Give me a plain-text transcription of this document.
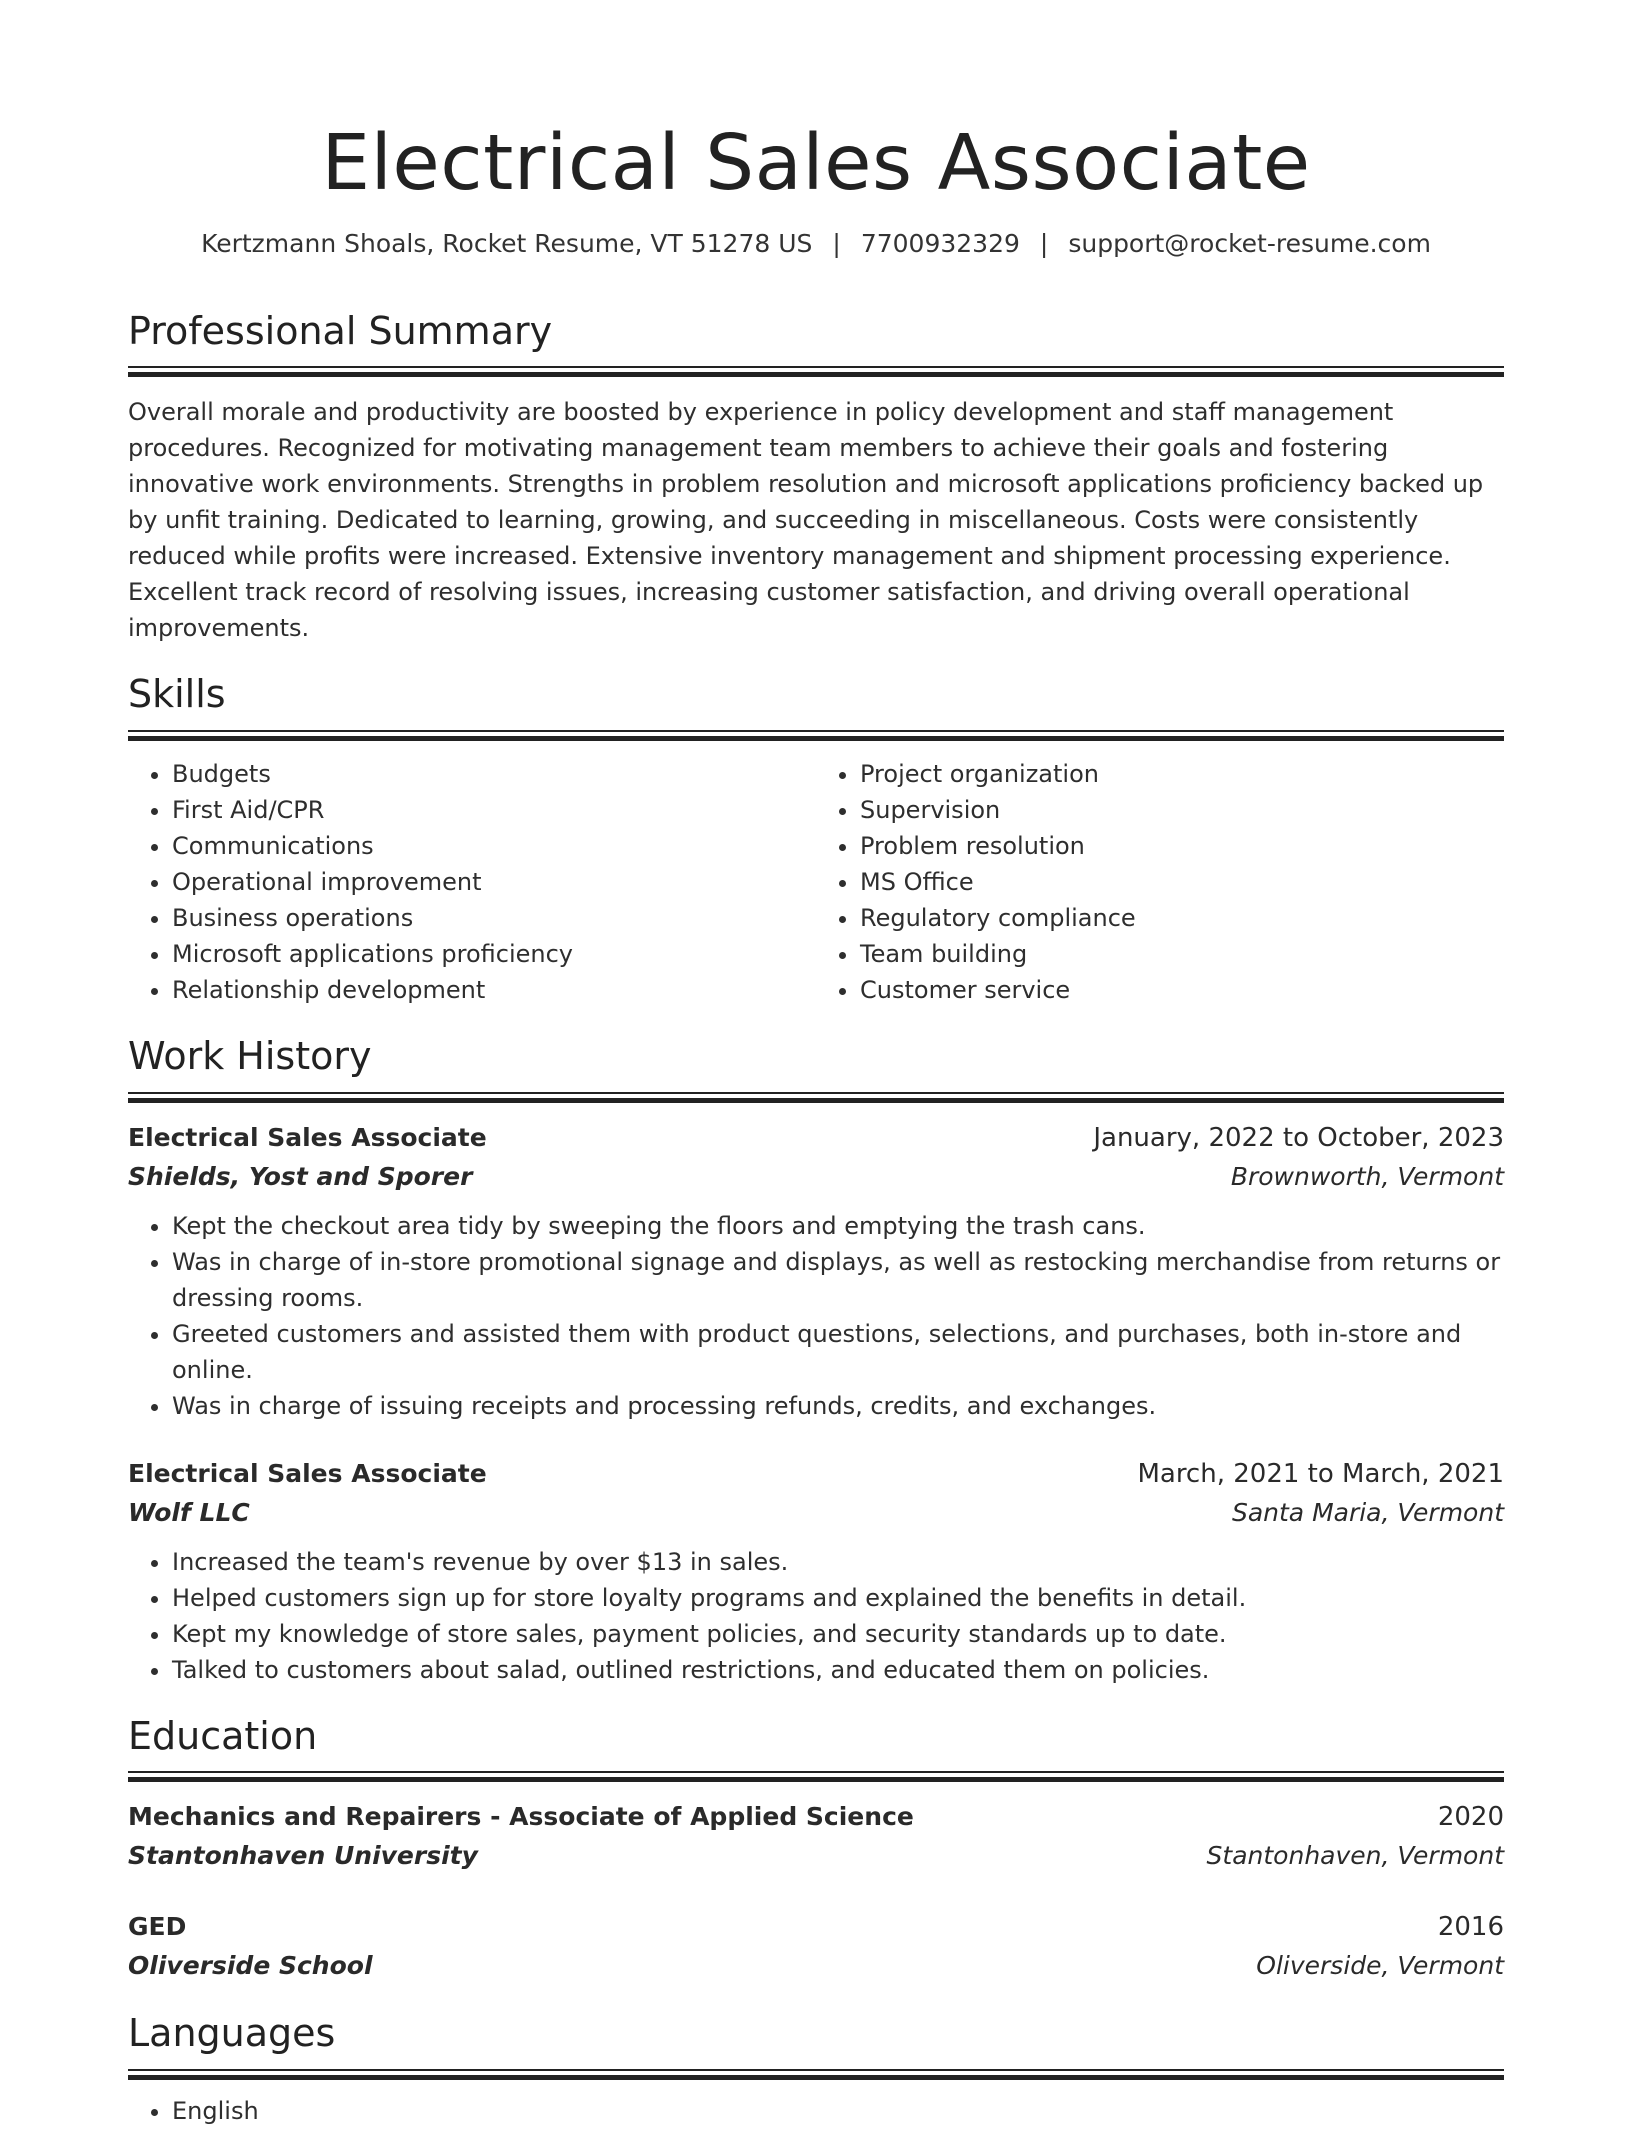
Electrical Sales Associate
Kertzmann Shoals, Rocket Resume, VT 51278 US | 7700932329 | support@rocket-resume.com
Professional Summary

Overall morale and productivity are boosted by experience in policy development and staff management procedures. Recognized for motivating management team members to achieve their goals and fostering innovative work environments. Strengths in problem resolution and microsoft applications proficiency backed up by unfit training. Dedicated to learning, growing, and succeeding in miscellaneous. Costs were consistently reduced while profits were increased. Extensive inventory management and shipment processing experience. Excellent track record of resolving issues, increasing customer satisfaction, and driving overall operational improvements.

Skills
• Budgets
• First Aid/CPR
• Communications
• Operational improvement
• Business operations
• Microsoft applications proficiency
• Relationship development
• Project organization
• Supervision
• Problem resolution
• MS Office
• Regulatory compliance
• Team building
• Customer service
Work History
Electrical Sales Associate	January, 2022 to October, 2023
Shields, Yost and Sporer	Brownworth, Vermont
• Kept the checkout area tidy by sweeping the floors and emptying the trash cans.
• Was in charge of in-store promotional signage and displays, as well as restocking merchandise from returns or dressing rooms.
• Greeted customers and assisted them with product questions, selections, and purchases, both in-store and online.
• Was in charge of issuing receipts and processing refunds, credits, and exchanges.
Electrical Sales Associate	March, 2021 to March, 2021
Wolf LLC	Santa Maria, Vermont
• Increased the team's revenue by over $13 in sales.
• Helped customers sign up for store loyalty programs and explained the benefits in detail.
• Kept my knowledge of store sales, payment policies, and security standards up to date.
• Talked to customers about salad, outlined restrictions, and educated them on policies.
Education
Mechanics and Repairers - Associate of Applied Science	2020
Stantonhaven University	Stantonhaven, Vermont
GED	2016
Oliverside School	Oliverside, Vermont
Languages
• English
